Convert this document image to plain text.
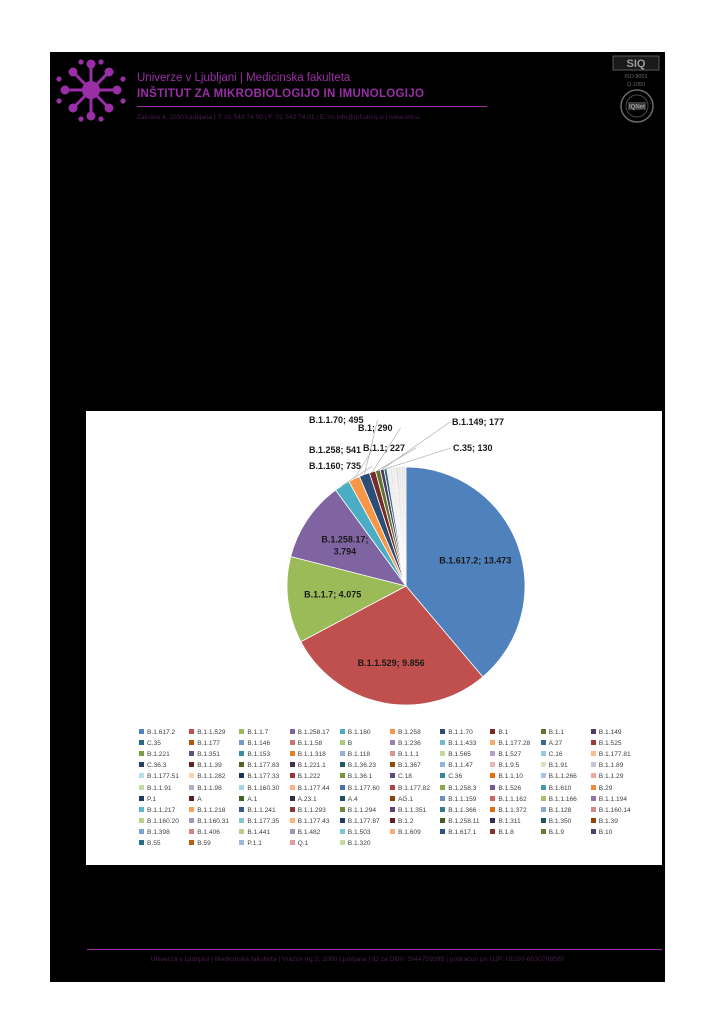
Univerze v Ljubljani | Medicinska fakulteta
INŠTITUT ZA MIKROBIOLOGIJO IN IMUNOLOGIJO
Zaloška 4, 1000 Ljubljana | T: 01 543 74 00 | F: 01 543 74 01 | E: im.info@mf.uni-lj.si | www.imi.si
SIQ
ISO 9001
Q-1050
IQNet
Univerza v Ljubljani | Medicinska fakulteta | Vrazov trg 2, 1000 Ljubljana | ID za DDV: SI44759395 | podračun pri UJP: 01100-6030708580
B.1.617.2; 13.473
B.1.1.529; 9.856
B.1.1.7; 4.075
B.1.258.17; 3.794
B.1.160; 735
B.1.258; 541
B.1.1.70; 495
B.1; 290
B.1.1; 227
B.1.149; 177
C.35; 130
B.1.617.2	B.1.1.529	B.1.1.7	B.1.258.17	B.1.160	B.1.258	B.1.1.70	B.1	B.1.1	B.1.149
C.35	B.1.177	B.1.146	B.1.1.58	B	B.1.236	B.1.1.433	B.1.177.28	A.27	B.1.525
B.1.221	B.1.351	B.1.153	B.1.1.318	B.1.118	B.1.1.1	B.1.565	B.1.527	C.16	B.1.177.81
C.36.3	B.1.1.39	B.1.177.83	B.1.221.1	B.1.36.23	B.1.367	B.1.1.47	B.1.9.5	B.1.91	B.1.1.89
B.1.177.51	B.1.1.282	B.1.177.33	B.1.222	B.1.36.1	C.18	C.36	B.1.1.10	B.1.1.266	B.1.1.29
B.1.1.91	B.1.1.98	B.1.160.30	B.1.177.44	B.1.177.60	B.1.177.82	B.1.258.3	B.1.526	B.1.610	B.29
P.1	A	A.1	A.23.1	A.4	AG.1	B.1.1.159	B.1.1.162	B.1.1.166	B.1.1.194
B.1.1.217	B.1.1.218	B.1.1.241	B.1.1.293	B.1.1.294	B.1.1.351	B.1.1.366	B.1.1.372	B.1.128	B.1.160.14
B.1.160.20	B.1.160.31	B.1.177.35	B.1.177.43	B.1.177.87	B.1.2	B.1.258.11	B.1.311	B.1.350	B.1.39
B.1.398	B.1.406	B.1.441	B.1.482	B.1.503	B.1.609	B.1.617.1	B.1.8	B.1.9	B.10
B.55	B.59	P.1.1	Q.1	B.1.320
